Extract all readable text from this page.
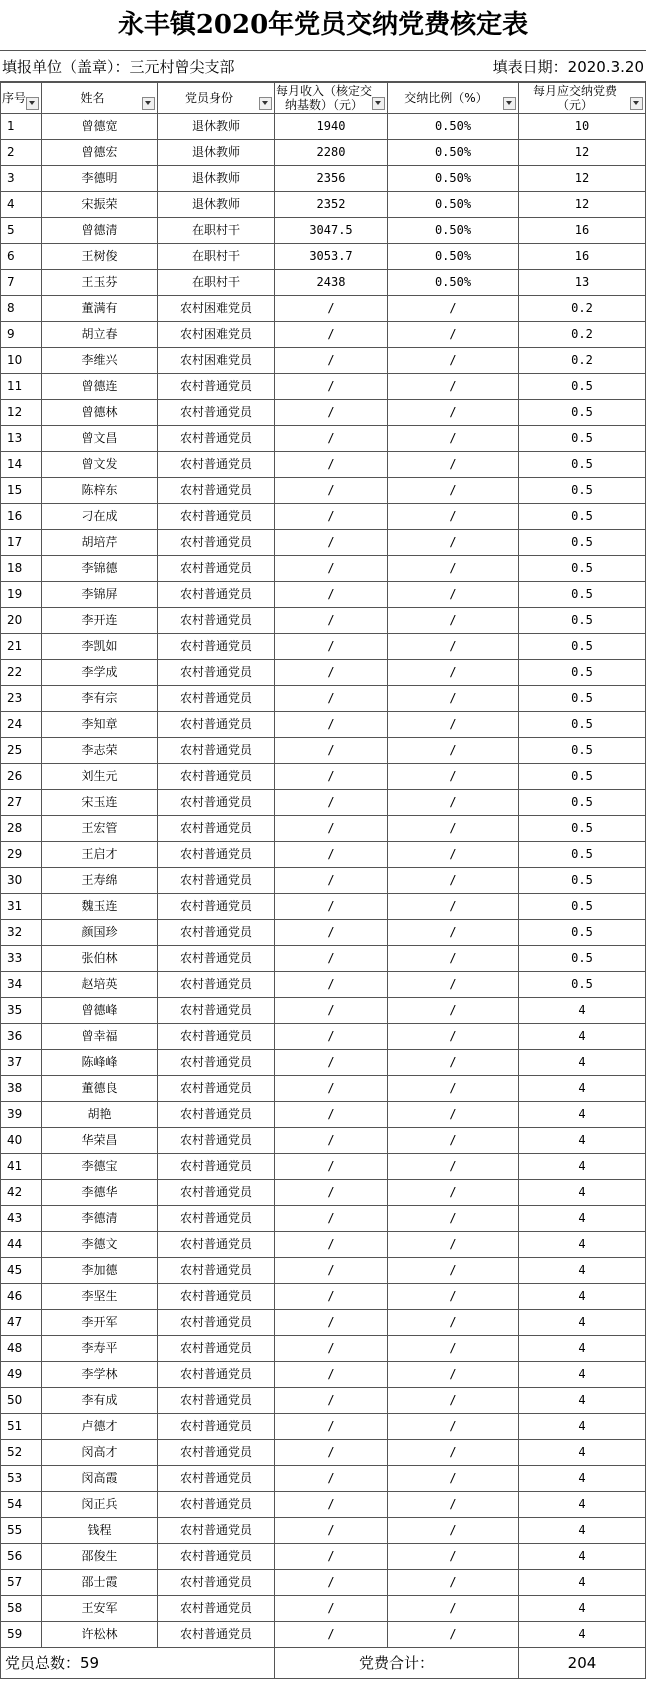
永丰镇2020年党员交纳党费核定表
填报单位（盖章）：三元村曾尖支部	填表日期：2020.3.20
序号	姓名	党员身份	每月收入（核定交纳基数）（元）	交纳比例（%）	每月应交纳党费（元）

1	曾德宽	退休教师	1940	0.50%	10
2	曾德宏	退休教师	2280	0.50%	12
3	李德明	退休教师	2356	0.50%	12
4	宋振荣	退休教师	2352	0.50%	12
5	曾德清	在职村干	3047.5	0.50%	16
6	王树俊	在职村干	3053.7	0.50%	16
7	王玉芬	在职村干	2438	0.50%	13
8	董满有	农村困难党员	/	/	0.2
9	胡立春	农村困难党员	/	/	0.2
10	李维兴	农村困难党员	/	/	0.2
11	曾德连	农村普通党员	/	/	0.5
12	曾德林	农村普通党员	/	/	0.5
13	曾文昌	农村普通党员	/	/	0.5
14	曾文发	农村普通党员	/	/	0.5
15	陈梓东	农村普通党员	/	/	0.5
16	刁在成	农村普通党员	/	/	0.5
17	胡培芹	农村普通党员	/	/	0.5
18	李锦德	农村普通党员	/	/	0.5
19	李锦屏	农村普通党员	/	/	0.5
20	李开连	农村普通党员	/	/	0.5
21	李凯如	农村普通党员	/	/	0.5
22	李学成	农村普通党员	/	/	0.5
23	李有宗	农村普通党员	/	/	0.5
24	李知章	农村普通党员	/	/	0.5
25	李志荣	农村普通党员	/	/	0.5
26	刘生元	农村普通党员	/	/	0.5
27	宋玉连	农村普通党员	/	/	0.5
28	王宏管	农村普通党员	/	/	0.5
29	王启才	农村普通党员	/	/	0.5
30	王寿绵	农村普通党员	/	/	0.5
31	魏玉连	农村普通党员	/	/	0.5
32	颜国珍	农村普通党员	/	/	0.5
33	张伯林	农村普通党员	/	/	0.5
34	赵培英	农村普通党员	/	/	0.5
35	曾德峰	农村普通党员	/	/	4
36	曾幸福	农村普通党员	/	/	4
37	陈峰峰	农村普通党员	/	/	4
38	董德良	农村普通党员	/	/	4
39	胡艳	农村普通党员	/	/	4
40	华荣昌	农村普通党员	/	/	4
41	李德宝	农村普通党员	/	/	4
42	李德华	农村普通党员	/	/	4
43	李德清	农村普通党员	/	/	4
44	李德文	农村普通党员	/	/	4
45	李加德	农村普通党员	/	/	4
46	李坚生	农村普通党员	/	/	4
47	李开军	农村普通党员	/	/	4
48	李寿平	农村普通党员	/	/	4
49	李学林	农村普通党员	/	/	4
50	李有成	农村普通党员	/	/	4
51	卢德才	农村普通党员	/	/	4
52	闵高才	农村普通党员	/	/	4
53	闵高霞	农村普通党员	/	/	4
54	闵正兵	农村普通党员	/	/	4
55	钱程	农村普通党员	/	/	4
56	邵俊生	农村普通党员	/	/	4
57	邵士霞	农村普通党员	/	/	4
58	王安军	农村普通党员	/	/	4
59	许松林	农村普通党员	/	/	4
党员总数：59			党费合计：		204
